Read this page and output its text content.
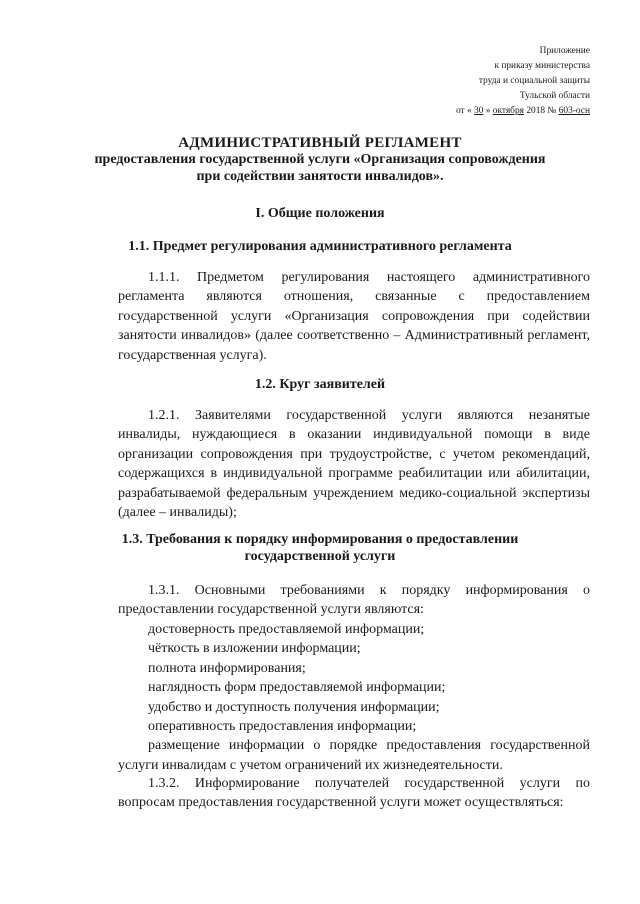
Приложение
к приказу министерства
труда и социальной защиты
Тульской области
от « 30 » октября 2018 № 603-осн
АДМИНИСТРАТИВНЫЙ РЕГЛАМЕНТ
предоставления государственной услуги «Организация сопровождения при содействии занятости инвалидов».
I. Общие положения
1.1. Предмет регулирования административного регламента
1.1.1. Предметом регулирования настоящего административного регламента являются отношения, связанные с предоставлением государственной услуги «Организация сопровождения при содействии занятости инвалидов» (далее соответственно – Административный регламент, государственная услуга).
1.2. Круг заявителей
1.2.1. Заявителями государственной услуги являются незанятые инвалиды, нуждающиеся в оказании индивидуальной помощи в виде организации сопровождения при трудоустройстве, с учетом рекомендаций, содержащихся в индивидуальной программе реабилитации или абилитации, разрабатываемой федеральным учреждением медико-социальной экспертизы (далее – инвалиды);
1.3. Требования к порядку информирования о предоставлении государственной услуги
1.3.1. Основными требованиями к порядку информирования о предоставлении государственной услуги являются:
достоверность предоставляемой информации;
чёткость в изложении информации;
полнота информирования;
наглядность форм предоставляемой информации;
удобство и доступность получения информации;
оперативность предоставления информации;
размещение информации о порядке предоставления государственной услуги инвалидам с учетом ограничений их жизнедеятельности.
1.3.2. Информирование получателей государственной услуги по вопросам предоставления государственной услуги может осуществляться:
